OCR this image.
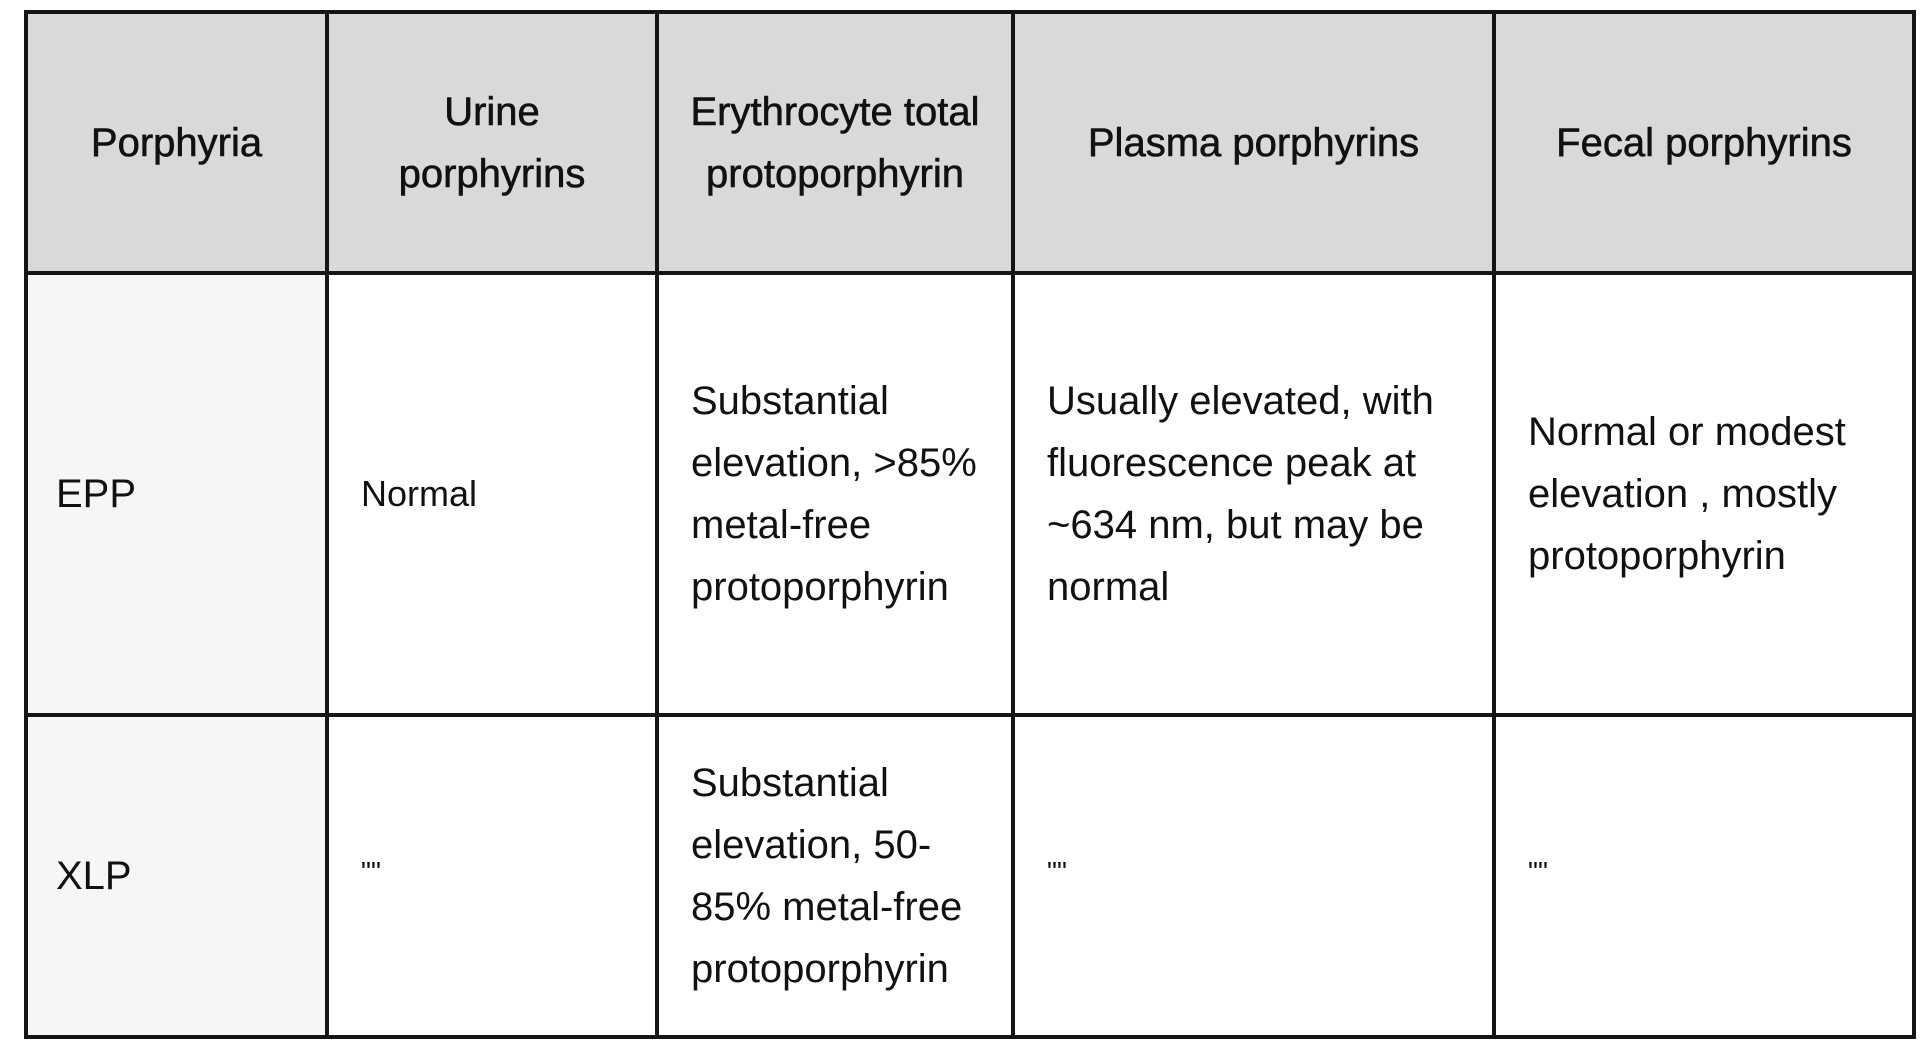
Porphyria	Urine porphyrins	Erythrocyte total protoporphyrin	Plasma porphyrins	Fecal porphyrins
EPP	Normal	Substantial elevation, >85% metal-free protoporphyrin	Usually elevated, with fluorescence peak at ~634 nm, but may be normal	Normal or modest elevation , mostly protoporphyrin
XLP	""	Substantial elevation, 50-85% metal-free protoporphyrin	""	""
